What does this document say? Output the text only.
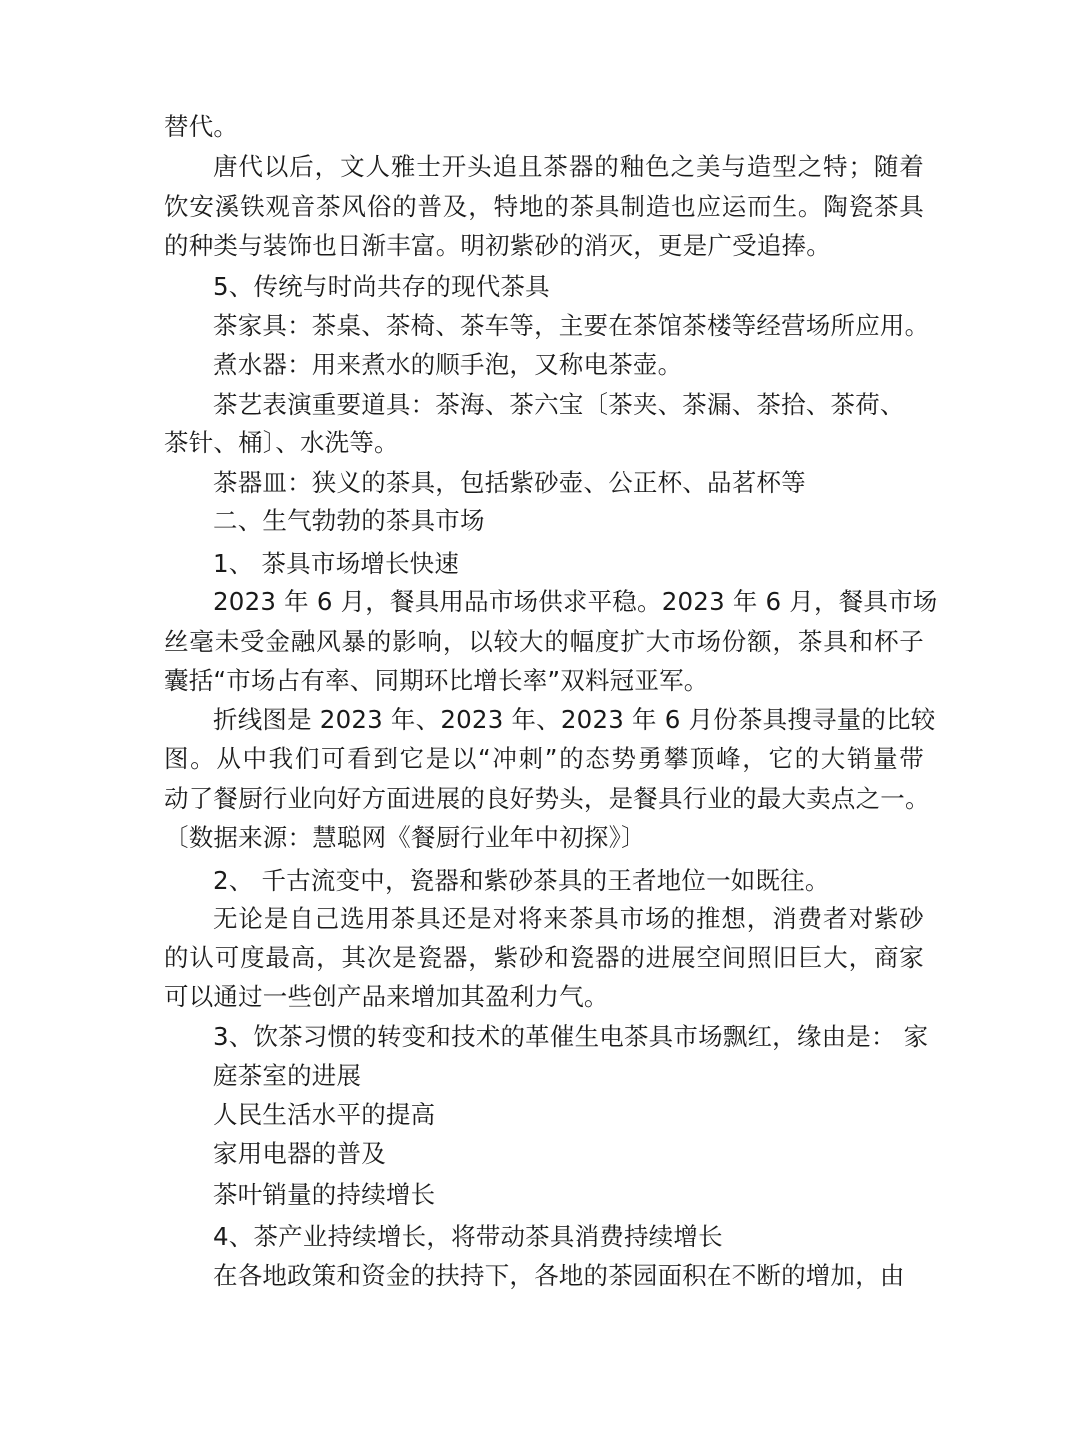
替代。
唐代以后，文人雅士开头追且茶器的釉色之美与造型之特；随着
饮安溪铁观音茶风俗的普及，特地的茶具制造也应运而生。陶瓷茶具
的种类与装饰也日渐丰富。明初紫砂的消灭，更是广受追捧。
5、传统与时尚共存的现代茶具
茶家具：茶桌、茶椅、茶车等，主要在茶馆茶楼等经营场所应用。
煮水器：用来煮水的顺手泡，又称电茶壶。
茶艺表演重要道具：茶海、茶六宝〔茶夹、茶漏、茶拾、茶荷、
茶针、桶〕、水洗等。
茶器皿：狭义的茶具，包括紫砂壶、公正杯、品茗杯等
二、生气勃勃的茶具市场
1、 茶具市场增长快速
2023 年 6 月，餐具用品市场供求平稳。2023 年 6 月，餐具市场
丝毫未受金融风暴的影响，以较大的幅度扩大市场份额，茶具和杯子
囊括“市场占有率、同期环比增长率”双料冠亚军。
折线图是 2023 年、2023 年、2023 年 6 月份茶具搜寻量的比较
图。从中我们可看到它是以“冲刺”的态势勇攀顶峰，它的大销量带
动了餐厨行业向好方面进展的良好势头，是餐具行业的最大卖点之一。
〔数据来源：慧聪网《餐厨行业年中初探》〕
2、 千古流变中，瓷器和紫砂茶具的王者地位一如既往。
无论是自己选用茶具还是对将来茶具市场的推想，消费者对紫砂
的认可度最高，其次是瓷器，紫砂和瓷器的进展空间照旧巨大，商家
可以通过一些创产品来增加其盈利力气。
3、饮茶习惯的转变和技术的革催生电茶具市场飘红，缘由是： 家
庭茶室的进展
人民生活水平的提高
家用电器的普及
茶叶销量的持续增长
4、茶产业持续增长，将带动茶具消费持续增长
在各地政策和资金的扶持下，各地的茶园面积在不断的增加，由
